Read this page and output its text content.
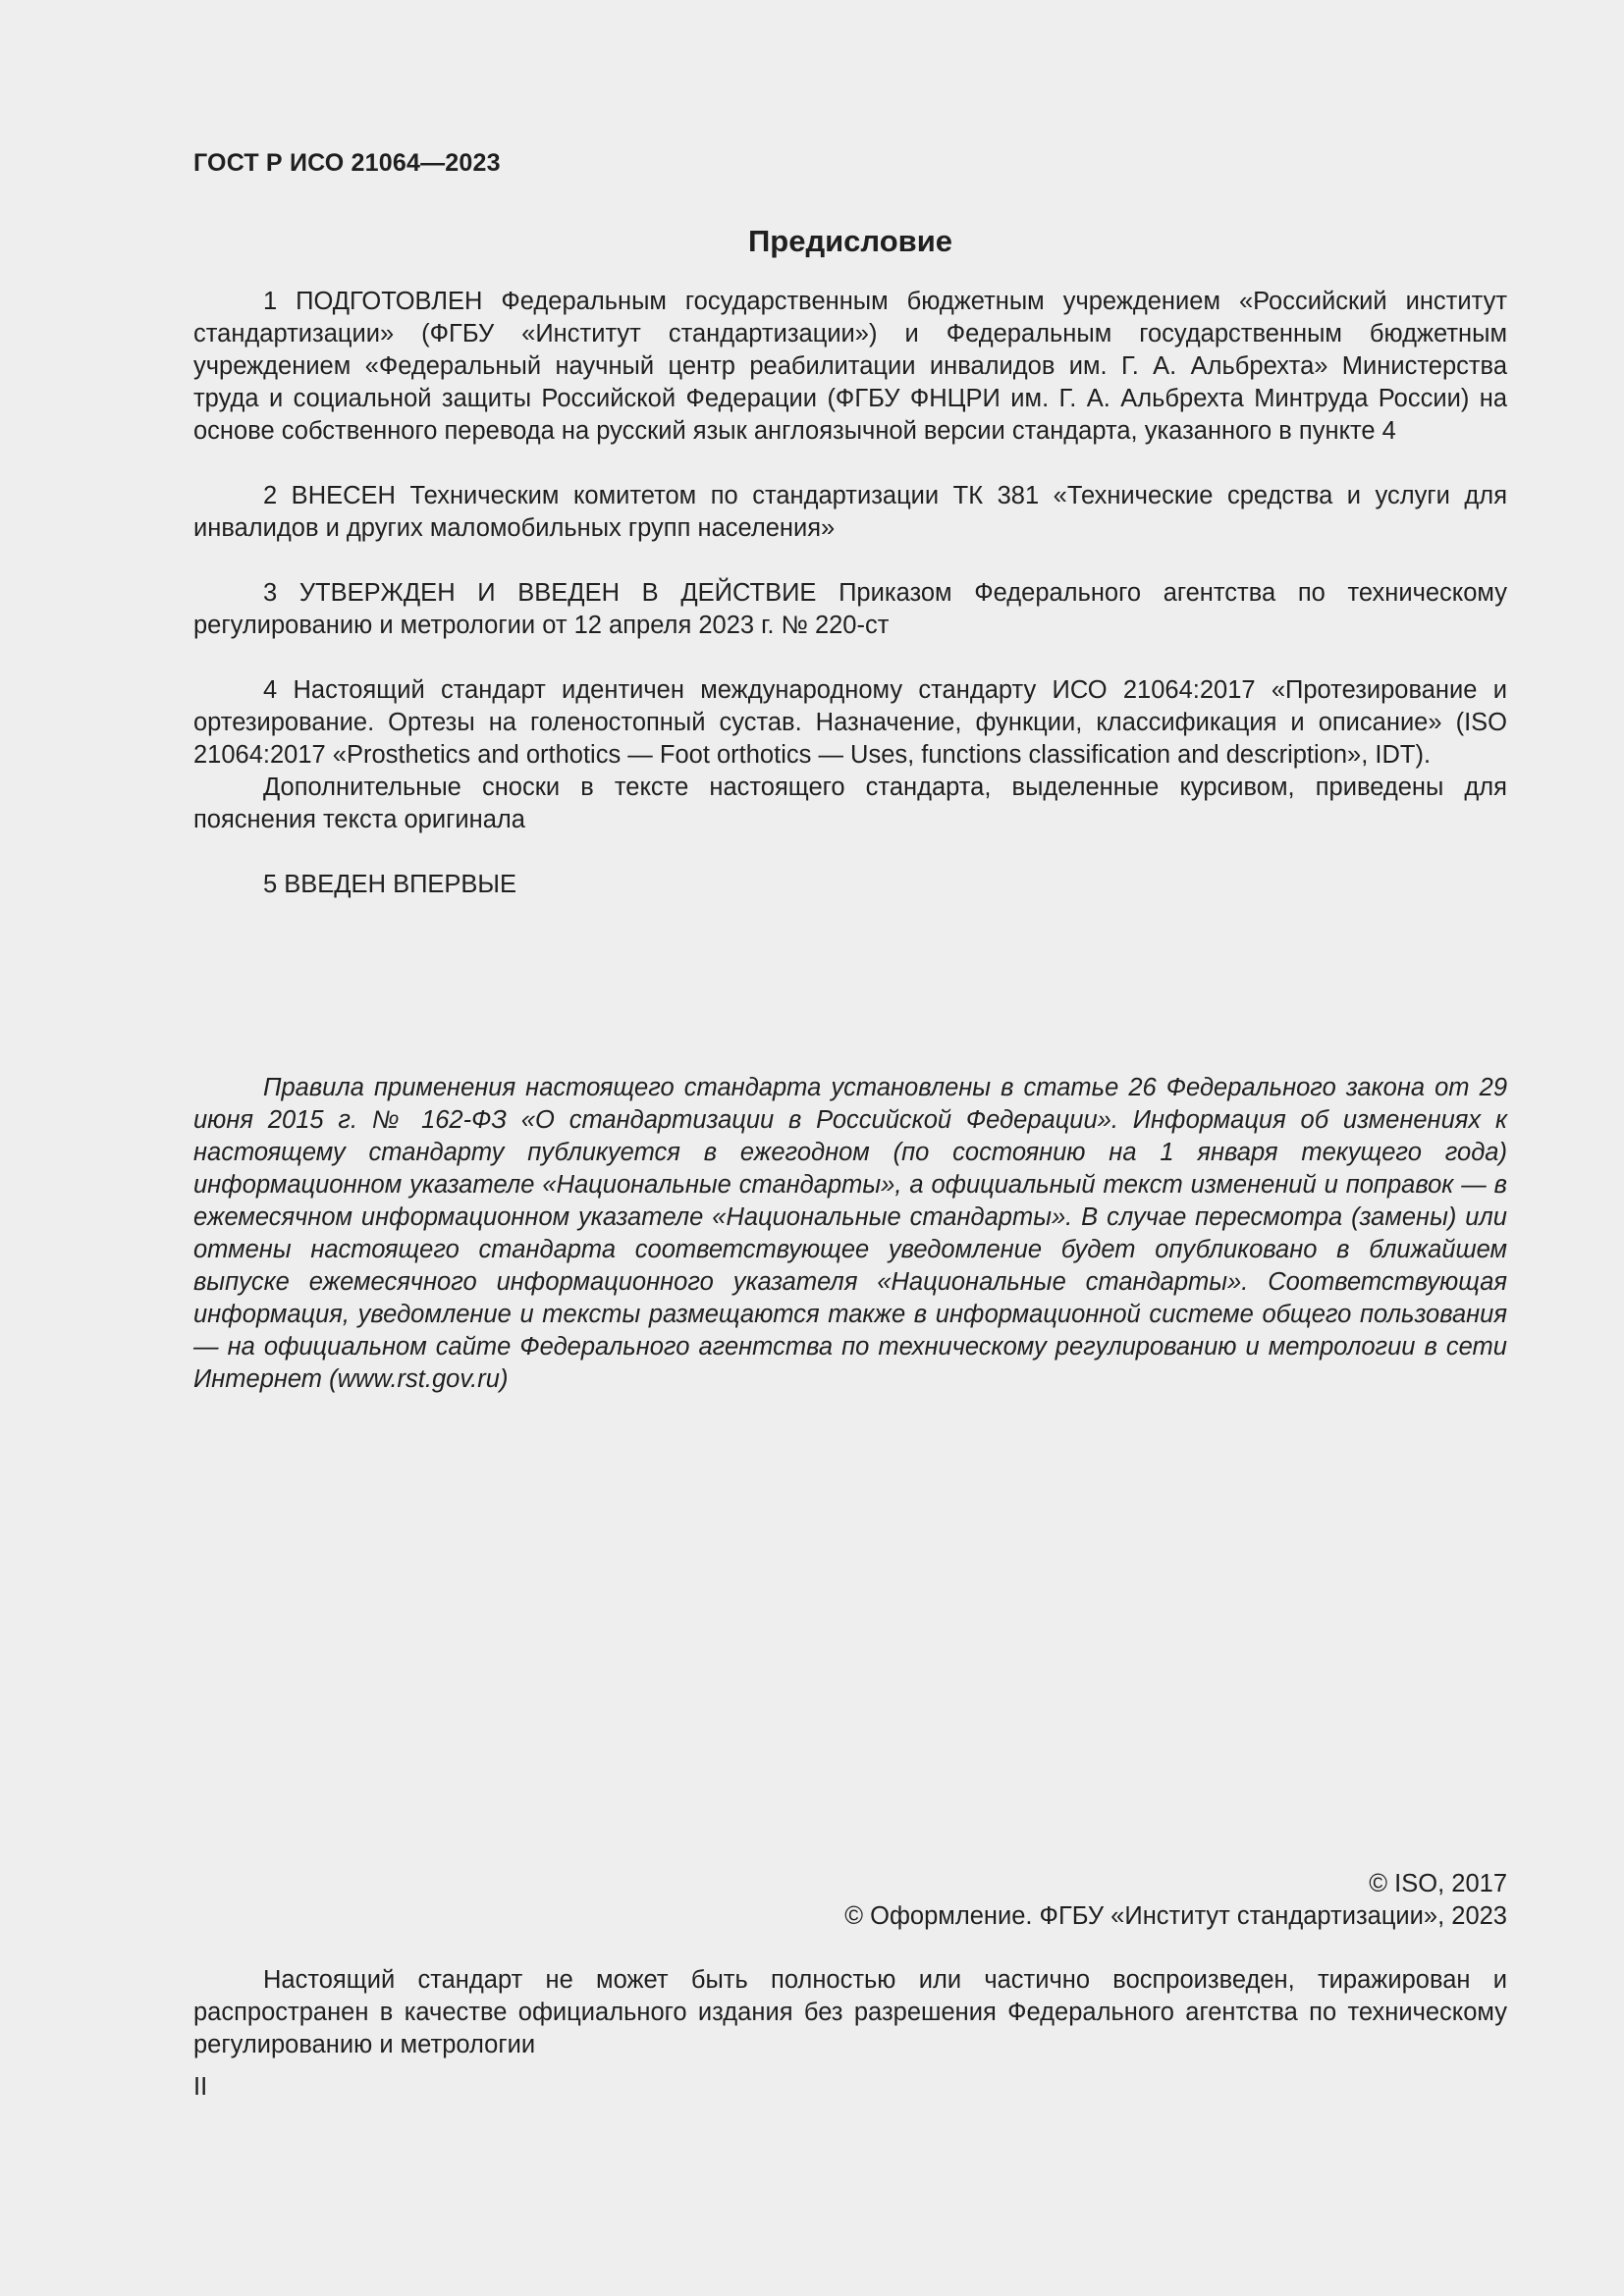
ГОСТ Р ИСО 21064—2023
Предисловие

1 ПОДГОТОВЛЕН Федеральным государственным бюджетным учреждением «Российский институт стандартизации» (ФГБУ «Институт стандартизации») и Федеральным государственным бюджетным учреждением «Федеральный научный центр реабилитации инвалидов им. Г. А. Альбрехта» Министерства труда и социальной защиты Российской Федерации (ФГБУ ФНЦРИ им. Г. А. Альбрехта Минтруда России) на основе собственного перевода на русский язык англоязычной версии стандарта, указанного в пункте 4

2 ВНЕСЕН Техническим комитетом по стандартизации ТК 381 «Технические средства и услуги для инвалидов и других маломобильных групп населения»

3 УТВЕРЖДЕН И ВВЕДЕН В ДЕЙСТВИЕ Приказом Федерального агентства по техническому регулированию и метрологии от 12 апреля 2023 г. № 220-ст

4 Настоящий стандарт идентичен международному стандарту ИСО 21064:2017 «Протезирование и ортезирование. Ортезы на голеностопный сустав. Назначение, функции, классификация и описание» (ISO 21064:2017 «Prosthetics and orthotics — Foot orthotics — Uses, functions classification and description», IDT).

Дополнительные сноски в тексте настоящего стандарта, выделенные курсивом, приведены для пояснения текста оригинала

5 ВВЕДЕН ВПЕРВЫЕ

Правила применения настоящего стандарта установлены в статье 26 Федерального закона от 29 июня 2015 г. № 162-ФЗ «О стандартизации в Российской Федерации». Информация об изменениях к настоящему стандарту публикуется в ежегодном (по состоянию на 1 января текущего года) информационном указателе «Национальные стандарты», а официальный текст изменений и поправок — в ежемесячном информационном указателе «Национальные стандарты». В случае пересмотра (замены) или отмены настоящего стандарта соответствующее уведомление будет опубликовано в ближайшем выпуске ежемесячного информационного указателя «Национальные стандарты». Соответствующая информация, уведомление и тексты размещаются также в информационной системе общего пользования — на официальном сайте Федерального агентства по техническому регулированию и метрологии в сети Интернет (www.rst.gov.ru)

© ISO, 2017
© Оформление. ФГБУ «Институт стандартизации», 2023

Настоящий стандарт не может быть полностью или частично воспроизведен, тиражирован и распространен в качестве официального издания без разрешения Федерального агентства по техническому регулированию и метрологии

II
